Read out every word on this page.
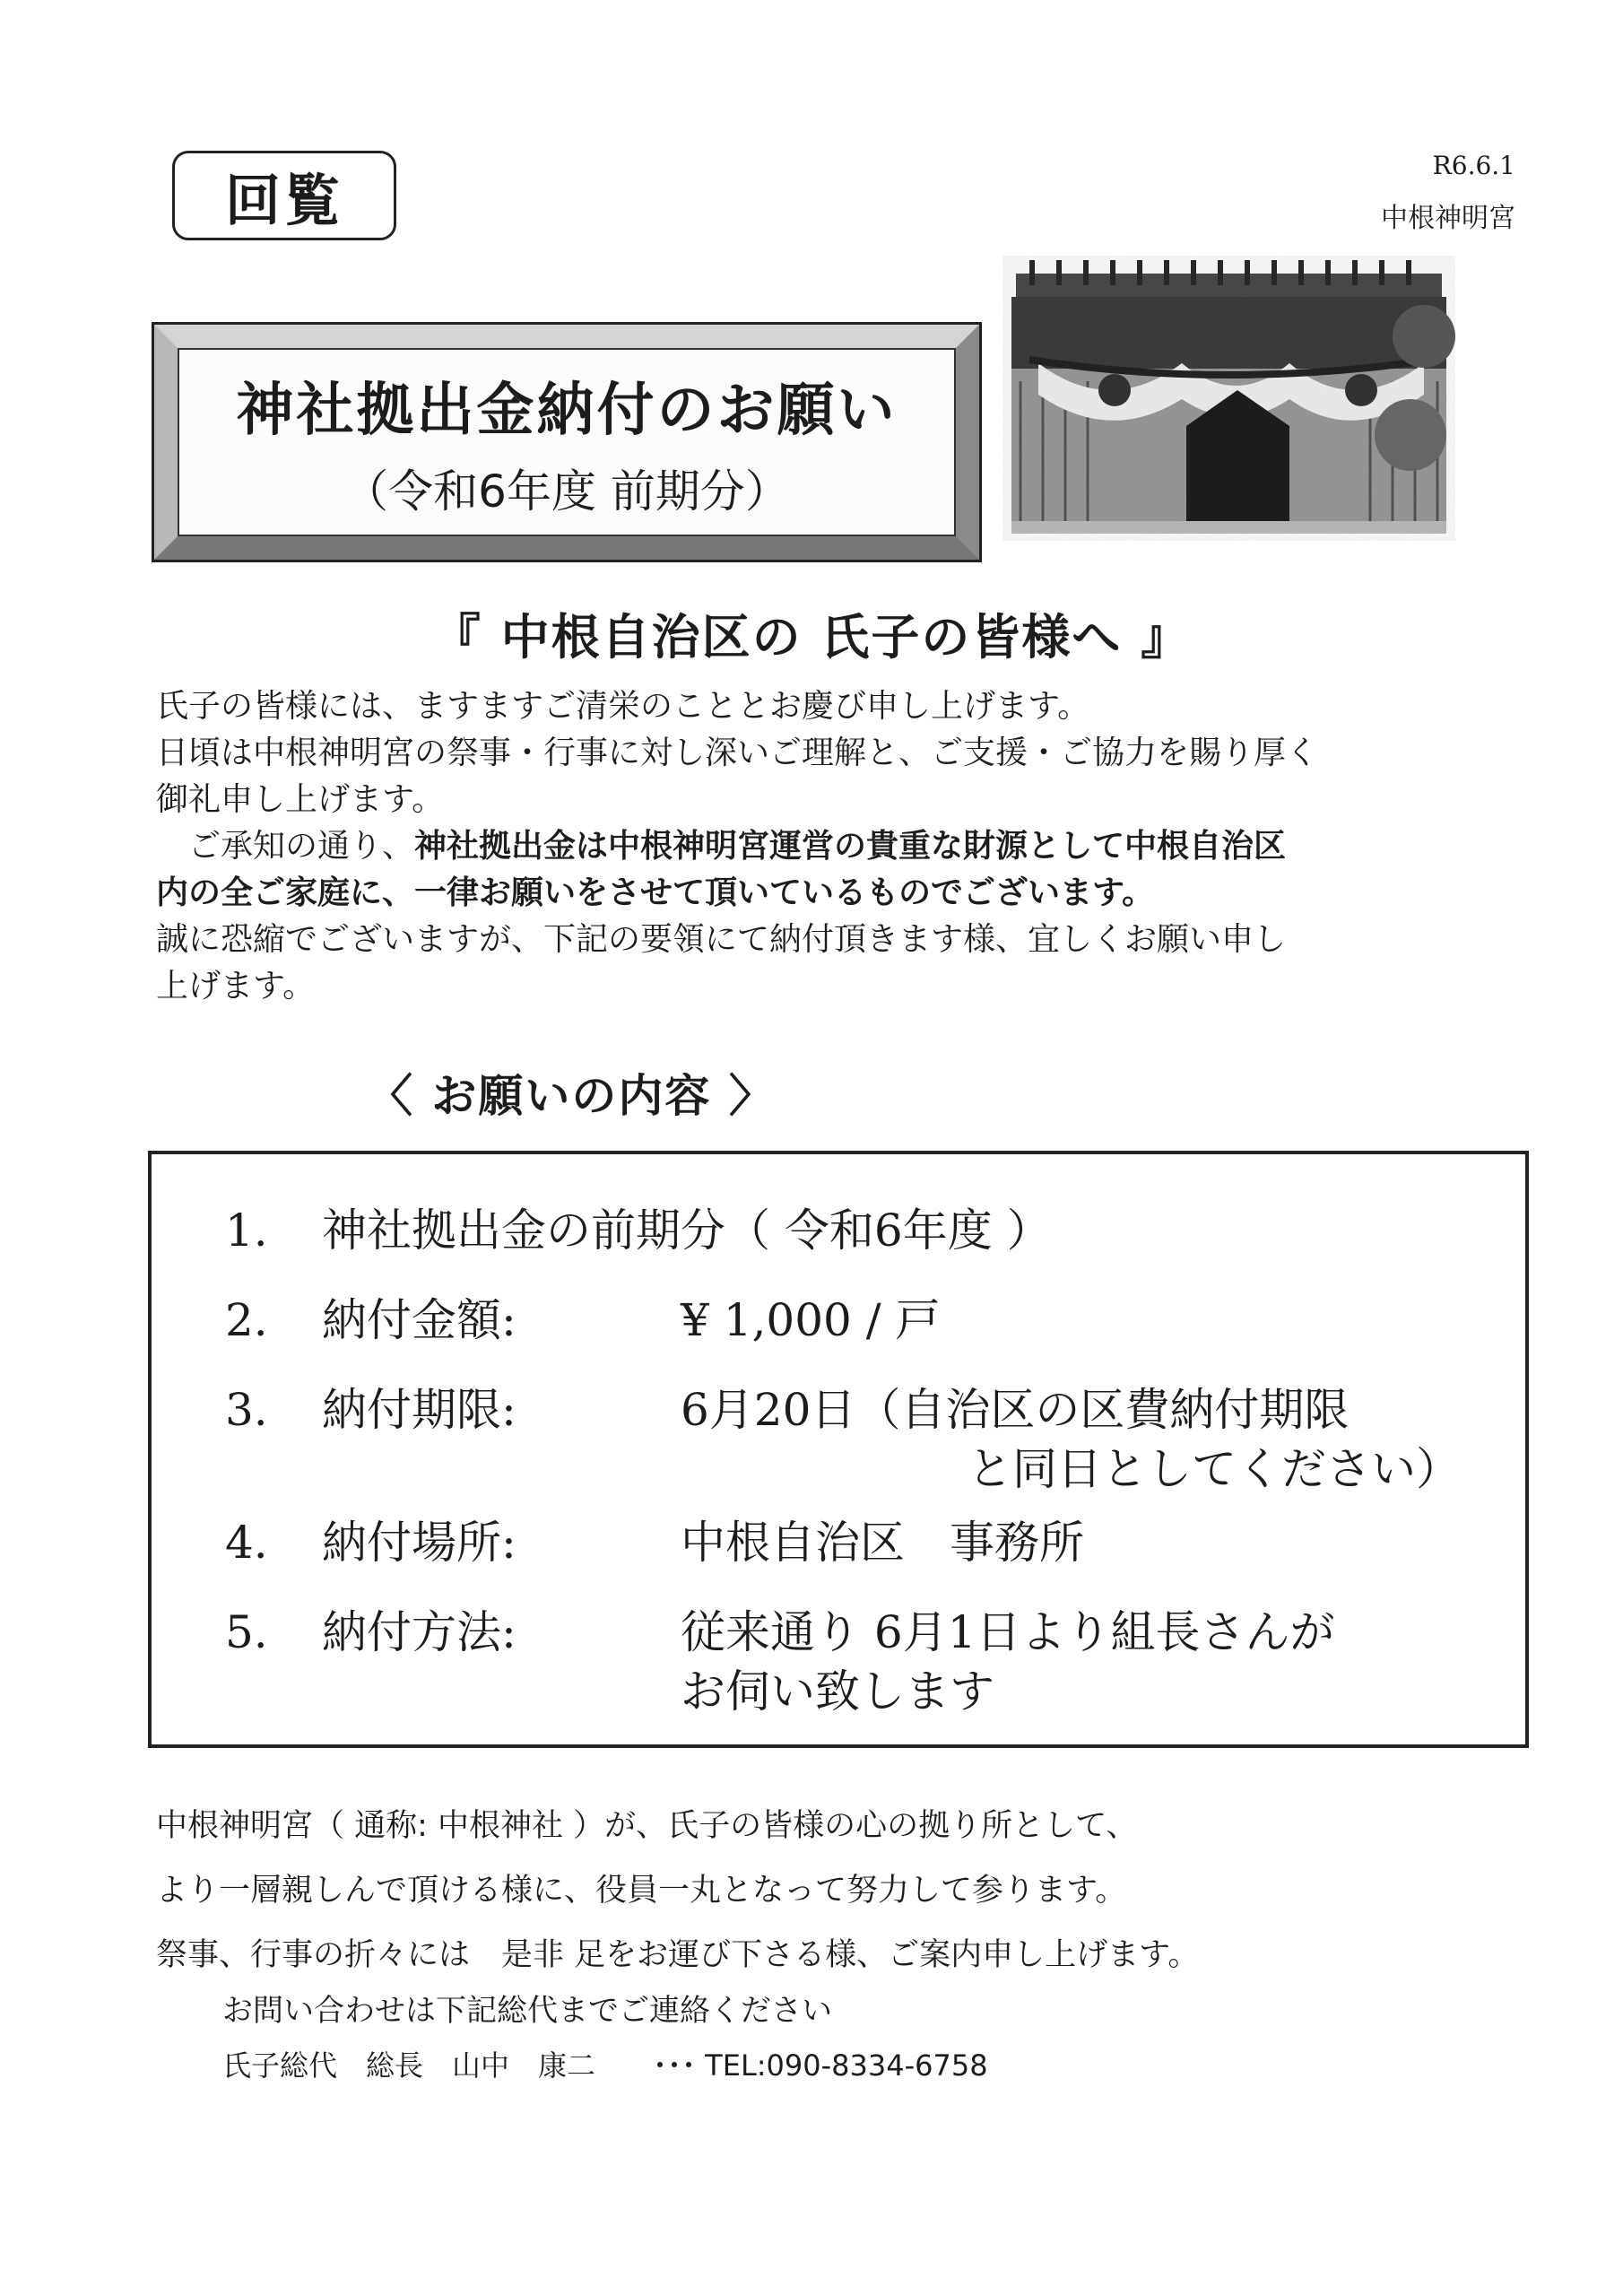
回覧
R6.6.1
中根神明宮
神社拠出金納付のお願い
（令和6年度 前期分）
『 中根自治区の 氏子の皆様へ 』
氏子の皆様には、ますますご清栄のこととお慶び申し上げます。
日頃は中根神明宮の祭事・行事に対し深いご理解と、ご支援・ご協力を賜り厚く
御礼申し上げます。
　ご承知の通り、神社拠出金は中根神明宮運営の貴重な財源として中根自治区
内の全ご家庭に、一律お願いをさせて頂いているものでございます。
誠に恐縮でございますが、下記の要領にて納付頂きます様、宜しくお願い申し
上げます。
〈 お願いの内容 〉
1. 神社拠出金の前期分（ 令和6年度 ）
2. 納付金額:	¥ 1,000 / 戸
3. 納付期限:	6月20日（自治区の区費納付期限
と同日としてください）
4. 納付場所:	中根自治区　事務所
5. 納付方法:	従来通り 6月1日より組長さんが
お伺い致します
中根神明宮（ 通称: 中根神社 ）が、氏子の皆様の心の拠り所として、
より一層親しんで頂ける様に、役員一丸となって努力して参ります。
祭事、行事の折々には　是非 足をお運び下さる様、ご案内申し上げます。
お問い合わせは下記総代までご連絡ください
氏子総代　総長　山中　康二　　･･･ TEL:090-8334-6758
